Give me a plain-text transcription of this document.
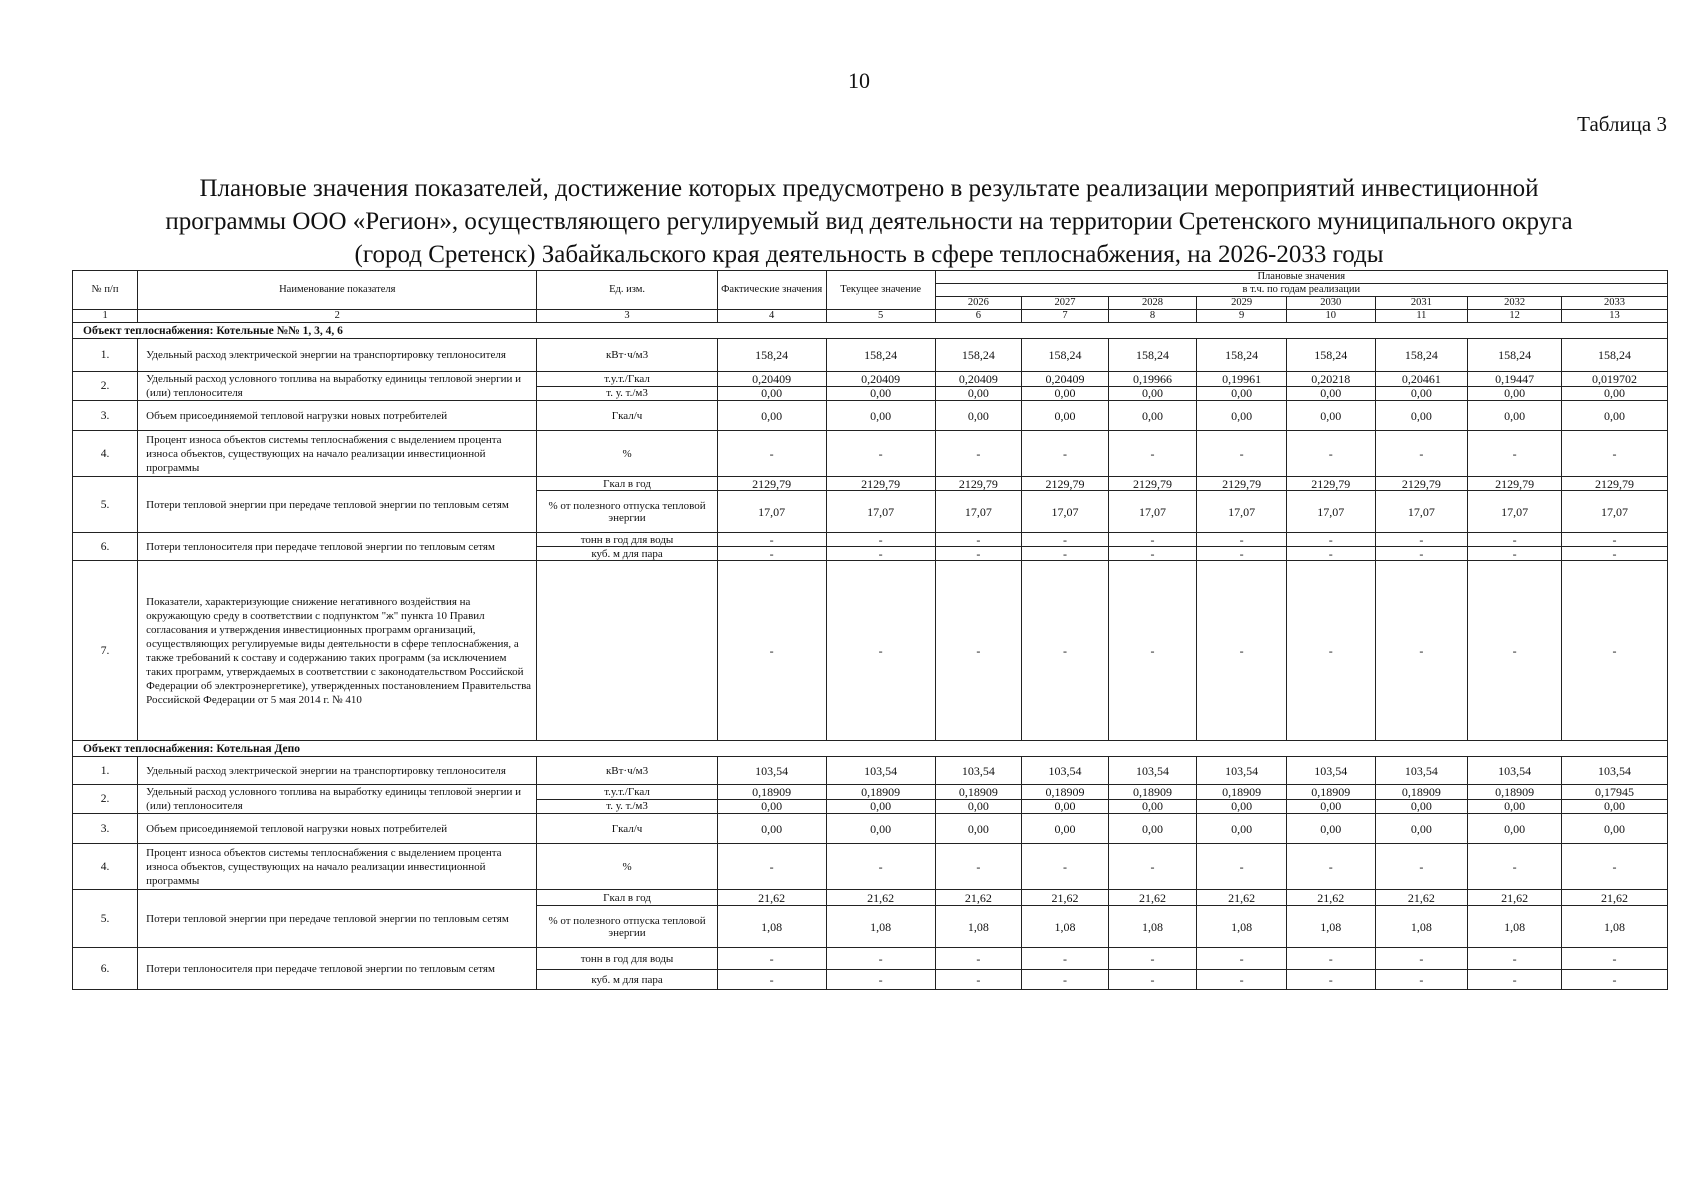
10
Таблица 3
Плановые значения показателей, достижение которых предусмотрено в результате реализации мероприятий инвестиционной
программы ООО «Регион», осуществляющего регулируемый вид деятельности на территории Сретенского муниципального округа
(город Сретенск) Забайкальского края деятельность в сфере теплоснабжения, на 2026-2033 годы
№ п/п	Наименование показателя	Ед. изм.	Фактические значения	Текущее значение	Плановые значения							
					в т.ч. по годам реализации							
					2026	2027	2028	2029	2030	2031	2032	2033
1	2	3	4	5	6	7	8	9	10	11	12	13
Объект теплоснабжения: Котельные №№ 1, 3, 4, 6												
1.	Удельный расход электрической энергии на транспортировку теплоносителя	кВт·ч/м3	158,24	158,24	158,24	158,24	158,24	158,24	158,24	158,24	158,24	158,24
2.	Удельный расход условного топлива на выработку единицы тепловой энергии и (или) теплоносителя	т.у.т./Гкал	0,20409	0,20409	0,20409	0,20409	0,19966	0,19961	0,20218	0,20461	0,19447	0,019702
		т. у. т./м3	0,00	0,00	0,00	0,00	0,00	0,00	0,00	0,00	0,00	0,00
3.	Объем присоединяемой тепловой нагрузки новых потребителей	Гкал/ч	0,00	0,00	0,00	0,00	0,00	0,00	0,00	0,00	0,00	0,00
4.	Процент износа объектов системы теплоснабжения с выделением процента износа объектов, существующих на начало реализации инвестиционной программы	%	-	-	-	-	-	-	-	-	-	-
5.	Потери тепловой энергии при передаче тепловой энергии по тепловым сетям	Гкал в год	2129,79	2129,79	2129,79	2129,79	2129,79	2129,79	2129,79	2129,79	2129,79	2129,79
		% от полезного отпуска тепловой энергии	17,07	17,07	17,07	17,07	17,07	17,07	17,07	17,07	17,07	17,07
6.	Потери теплоносителя при передаче тепловой энергии по тепловым сетям	тонн в год для воды	-	-	-	-	-	-	-	-	-	-
		куб. м для пара	-	-	-	-	-	-	-	-	-	-
7.	Показатели, характеризующие снижение негативного воздействия на окружающую среду в соответствии с подпунктом "ж" пункта 10 Правил согласования и утверждения инвестиционных программ организаций, осуществляющих регулируемые виды деятельности в сфере теплоснабжения, а также требований к составу и содержанию таких программ (за исключением таких программ, утверждаемых в соответствии с законодательством Российской Федерации об электроэнергетике), утвержденных постановлением Правительства Российской Федерации от 5 мая 2014 г. № 410		-	-	-	-	-	-	-	-	-	-
Объект теплоснабжения: Котельная Депо												
1.	Удельный расход электрической энергии на транспортировку теплоносителя	кВт·ч/м3	103,54	103,54	103,54	103,54	103,54	103,54	103,54	103,54	103,54	103,54
2.	Удельный расход условного топлива на выработку единицы тепловой энергии и (или) теплоносителя	т.у.т./Гкал	0,18909	0,18909	0,18909	0,18909	0,18909	0,18909	0,18909	0,18909	0,18909	0,17945
		т. у. т./м3	0,00	0,00	0,00	0,00	0,00	0,00	0,00	0,00	0,00	0,00
3.	Объем присоединяемой тепловой нагрузки новых потребителей	Гкал/ч	0,00	0,00	0,00	0,00	0,00	0,00	0,00	0,00	0,00	0,00
4.	Процент износа объектов системы теплоснабжения с выделением процента износа объектов, существующих на начало реализации инвестиционной программы	%	-	-	-	-	-	-	-	-	-	-
5.	Потери тепловой энергии при передаче тепловой энергии по тепловым сетям	Гкал в год	21,62	21,62	21,62	21,62	21,62	21,62	21,62	21,62	21,62	21,62
		% от полезного отпуска тепловой энергии	1,08	1,08	1,08	1,08	1,08	1,08	1,08	1,08	1,08	1,08
6.	Потери теплоносителя при передаче тепловой энергии по тепловым сетям	тонн в год для воды	-	-	-	-	-	-	-	-	-	-
		куб. м для пара	-	-	-	-	-	-	-	-	-	-
